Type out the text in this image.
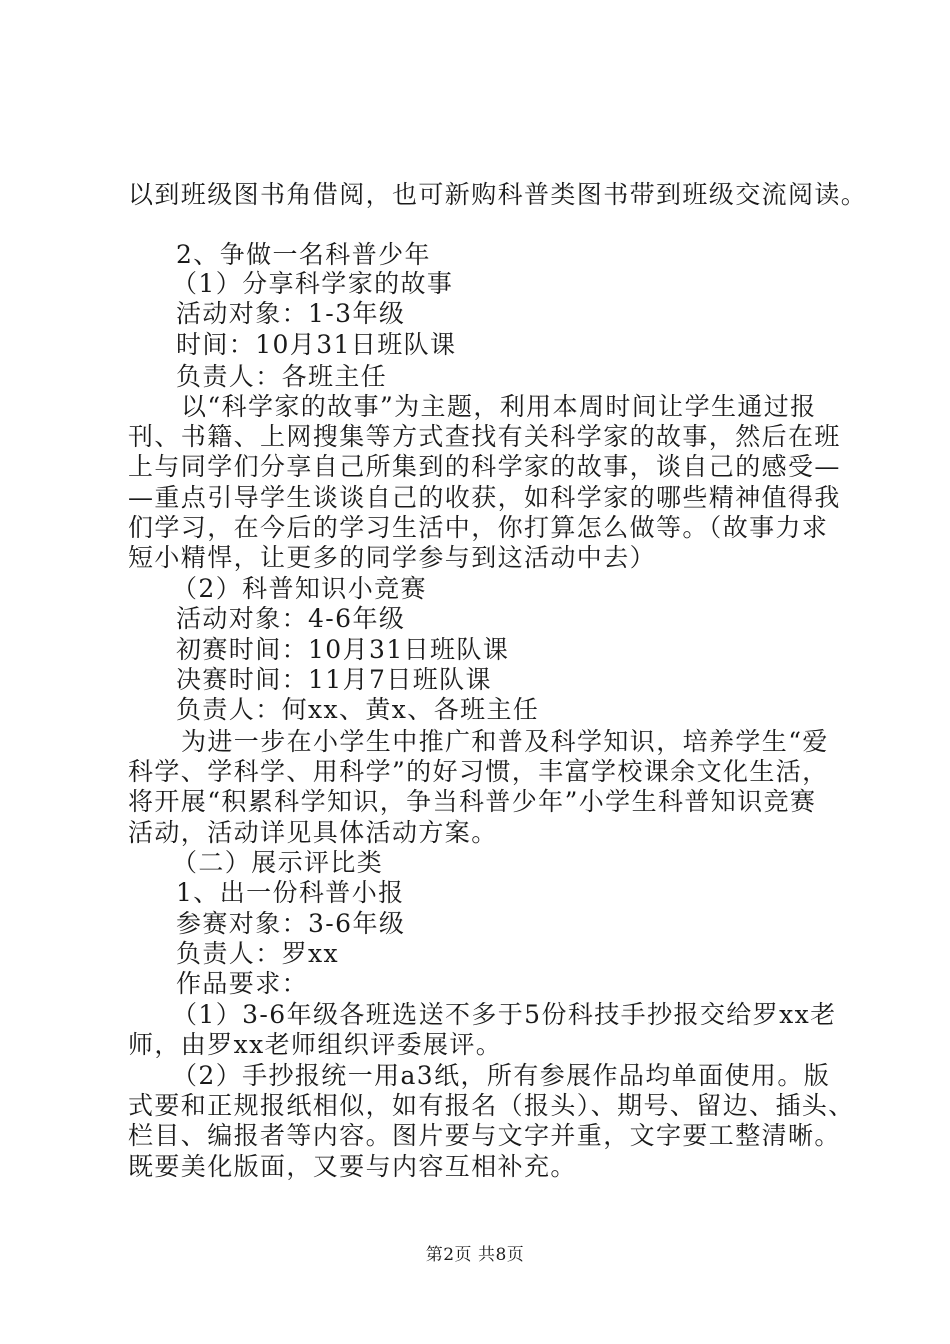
以到班级图书角借阅，也可新购科普类图书带到班级交流阅读。
2、争做一名科普少年
（1）分享科学家的故事
活动对象：1-3年级
时间：10月31日班队课
负责人：各班主任
以“科学家的故事”为主题，利用本周时间让学生通过报
刊、书籍、上网搜集等方式查找有关科学家的故事，然后在班
上与同学们分享自己所集到的科学家的故事，谈自己的感受—
—重点引导学生谈谈自己的收获，如科学家的哪些精神值得我
们学习，在今后的学习生活中，你打算怎么做等。（故事力求
短小精悍，让更多的同学参与到这活动中去）
（2）科普知识小竞赛
活动对象：4-6年级
初赛时间：10月31日班队课
决赛时间：11月7日班队课
负责人：何xx、黄x、各班主任
为进一步在小学生中推广和普及科学知识，培养学生“爱
科学、学科学、用科学”的好习惯，丰富学校课余文化生活，
将开展“积累科学知识，争当科普少年”小学生科普知识竞赛
活动，活动详见具体活动方案。
（二）展示评比类
1、出一份科普小报
参赛对象：3-6年级
负责人：罗xx
作品要求：
（1）3-6年级各班选送不多于5份科技手抄报交给罗xx老
师，由罗xx老师组织评委展评。
（2）手抄报统一用a3纸，所有参展作品均单面使用。版
式要和正规报纸相似，如有报名（报头）、期号、留边、插头、
栏目、编报者等内容。图片要与文字并重，文字要工整清晰。
既要美化版面，又要与内容互相补充。
第2页 共8页
